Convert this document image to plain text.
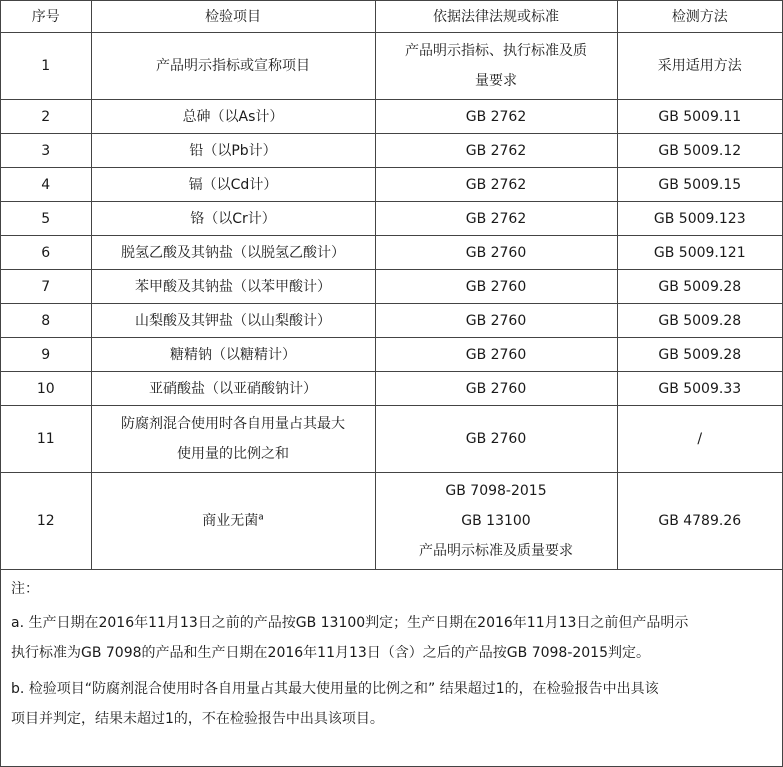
序号	检验项目	依据法律法规或标准	检测方法
1	产品明示指标或宣称项目	产品明示指标、执行标准及质
量要求	采用适用方法
2	总砷（以As计）	GB 2762	GB 5009.11
3	铅（以Pb计）	GB 2762	GB 5009.12
4	镉（以Cd计）	GB 2762	GB 5009.15
5	铬（以Cr计）	GB 2762	GB 5009.123
6	脱氢乙酸及其钠盐（以脱氢乙酸计）	GB 2760	GB 5009.121
7	苯甲酸及其钠盐（以苯甲酸计）	GB 2760	GB 5009.28
8	山梨酸及其钾盐（以山梨酸计）	GB 2760	GB 5009.28
9	糖精钠（以糖精计）	GB 2760	GB 5009.28
10	亚硝酸盐（以亚硝酸钠计）	GB 2760	GB 5009.33
11	防腐剂混合使用时各自用量占其最大
使用量的比例之和	GB 2760	/
12	商业无菌$^a$	GB 7098-2015
GB 13100
产品明示标准及质量要求	GB 4789.26

注：

a. 生产日期在2016年11月13日之前的产品按GB 13100判定；生产日期在2016年11月13日之前但产品明示

执行标准为GB 7098的产品和生产日期在2016年11月13日（含）之后的产品按GB 7098-2015判定。

b. 检验项目“防腐剂混合使用时各自用量占其最大使用量的比例之和” 结果超过1的，在检验报告中出具该

项目并判定，结果未超过1的，不在检验报告中出具该项目。
